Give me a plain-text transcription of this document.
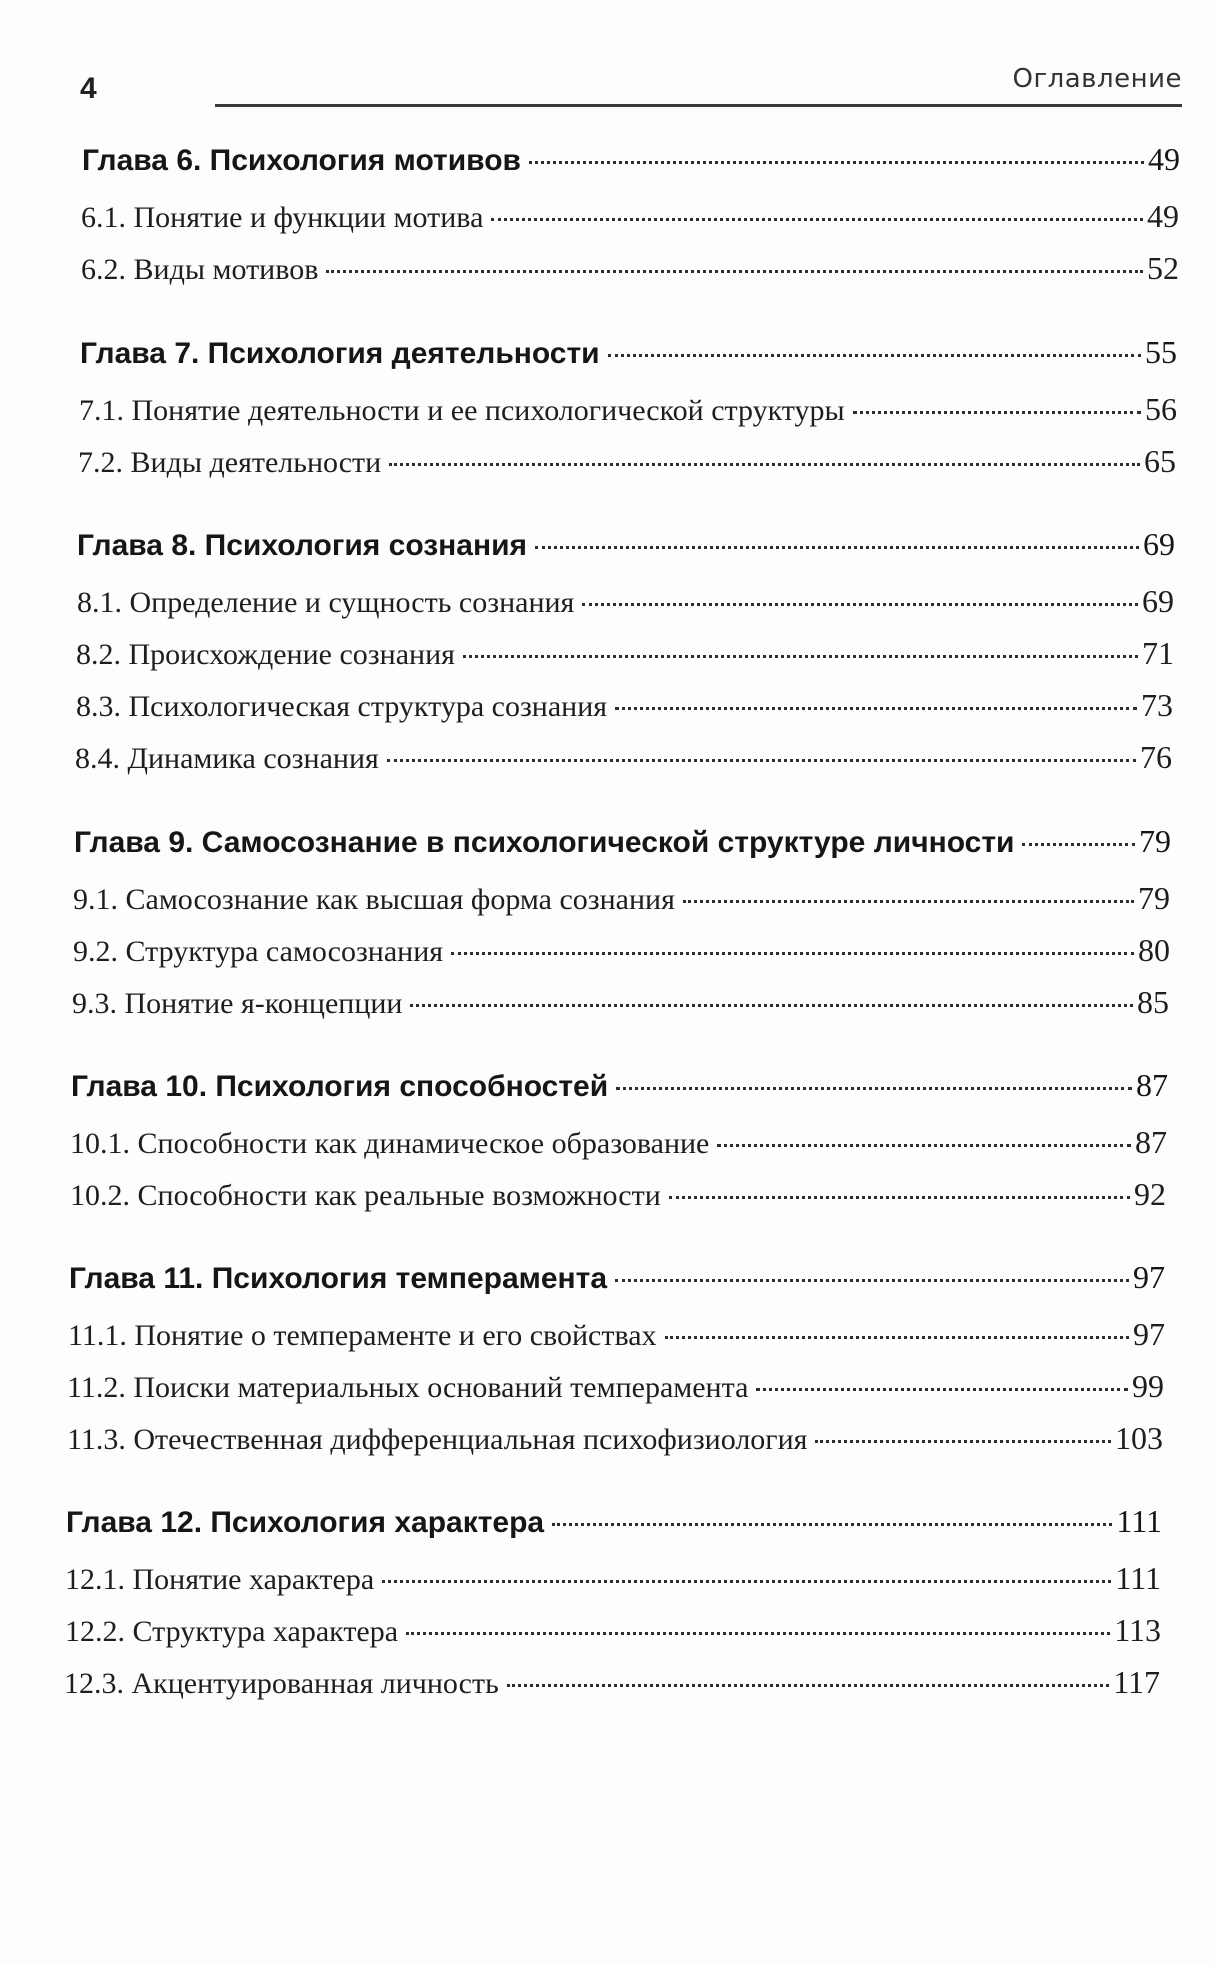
4	Оглавление
Глава 6. Психология мотивов	49
6.1. Понятие и функции мотива	49
6.2. Виды мотивов	52
Глава 7. Психология деятельности	55
7.1. Понятие деятельности и ее психологической структуры	56
7.2. Виды деятельности	65
Глава 8. Психология сознания	69
8.1. Определение и сущность сознания	69
8.2. Происхождение сознания	71
8.3. Психологическая структура сознания	73
8.4. Динамика сознания	76
Глава 9. Самосознание в психологической структуре личности	79
9.1. Самосознание как высшая форма сознания	79
9.2. Структура самосознания	80
9.3. Понятие я-концепции	85
Глава 10. Психология способностей	87
10.1. Способности как динамическое образование	87
10.2. Способности как реальные возможности	92
Глава 11. Психология темперамента	97
11.1. Понятие о темпераменте и его свойствах	97
11.2. Поиски материальных оснований темперамента	99
11.3. Отечественная дифференциальная психофизиология	103
Глава 12. Психология характера	111
12.1. Понятие характера	111
12.2. Структура характера	113
12.3. Акцентуированная личность	117
